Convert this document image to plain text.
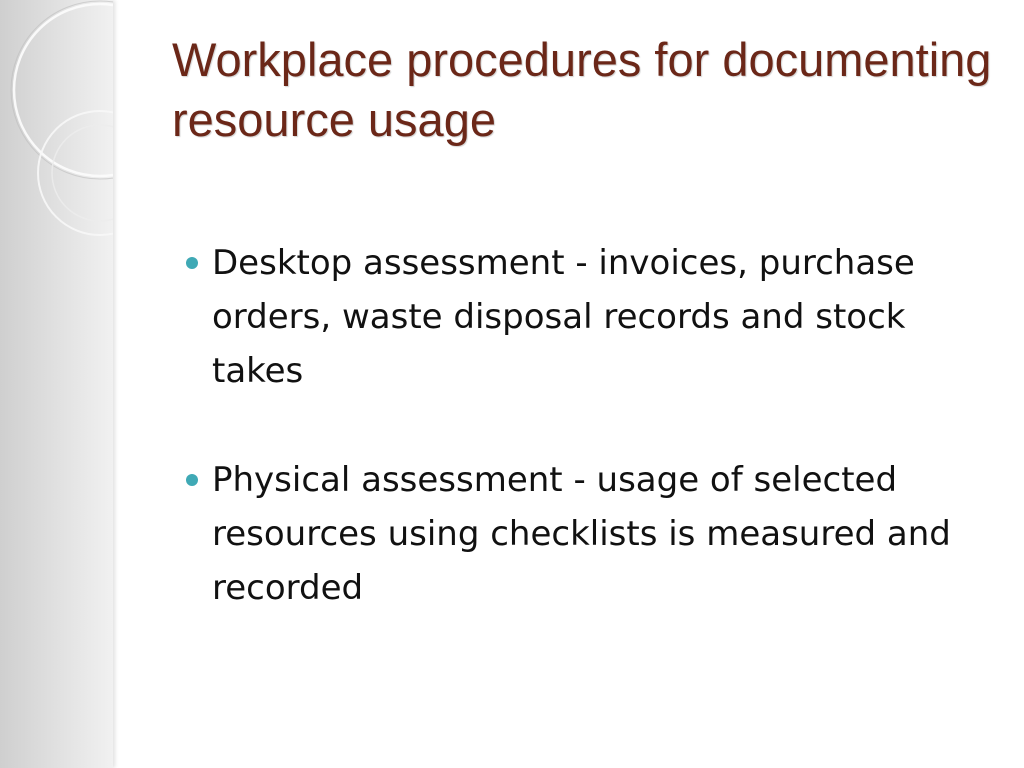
Workplace procedures for documenting resource usage
Desktop assessment - invoices, purchase orders, waste disposal records and stock takes
Physical assessment - usage of selected resources using checklists is measured and recorded
